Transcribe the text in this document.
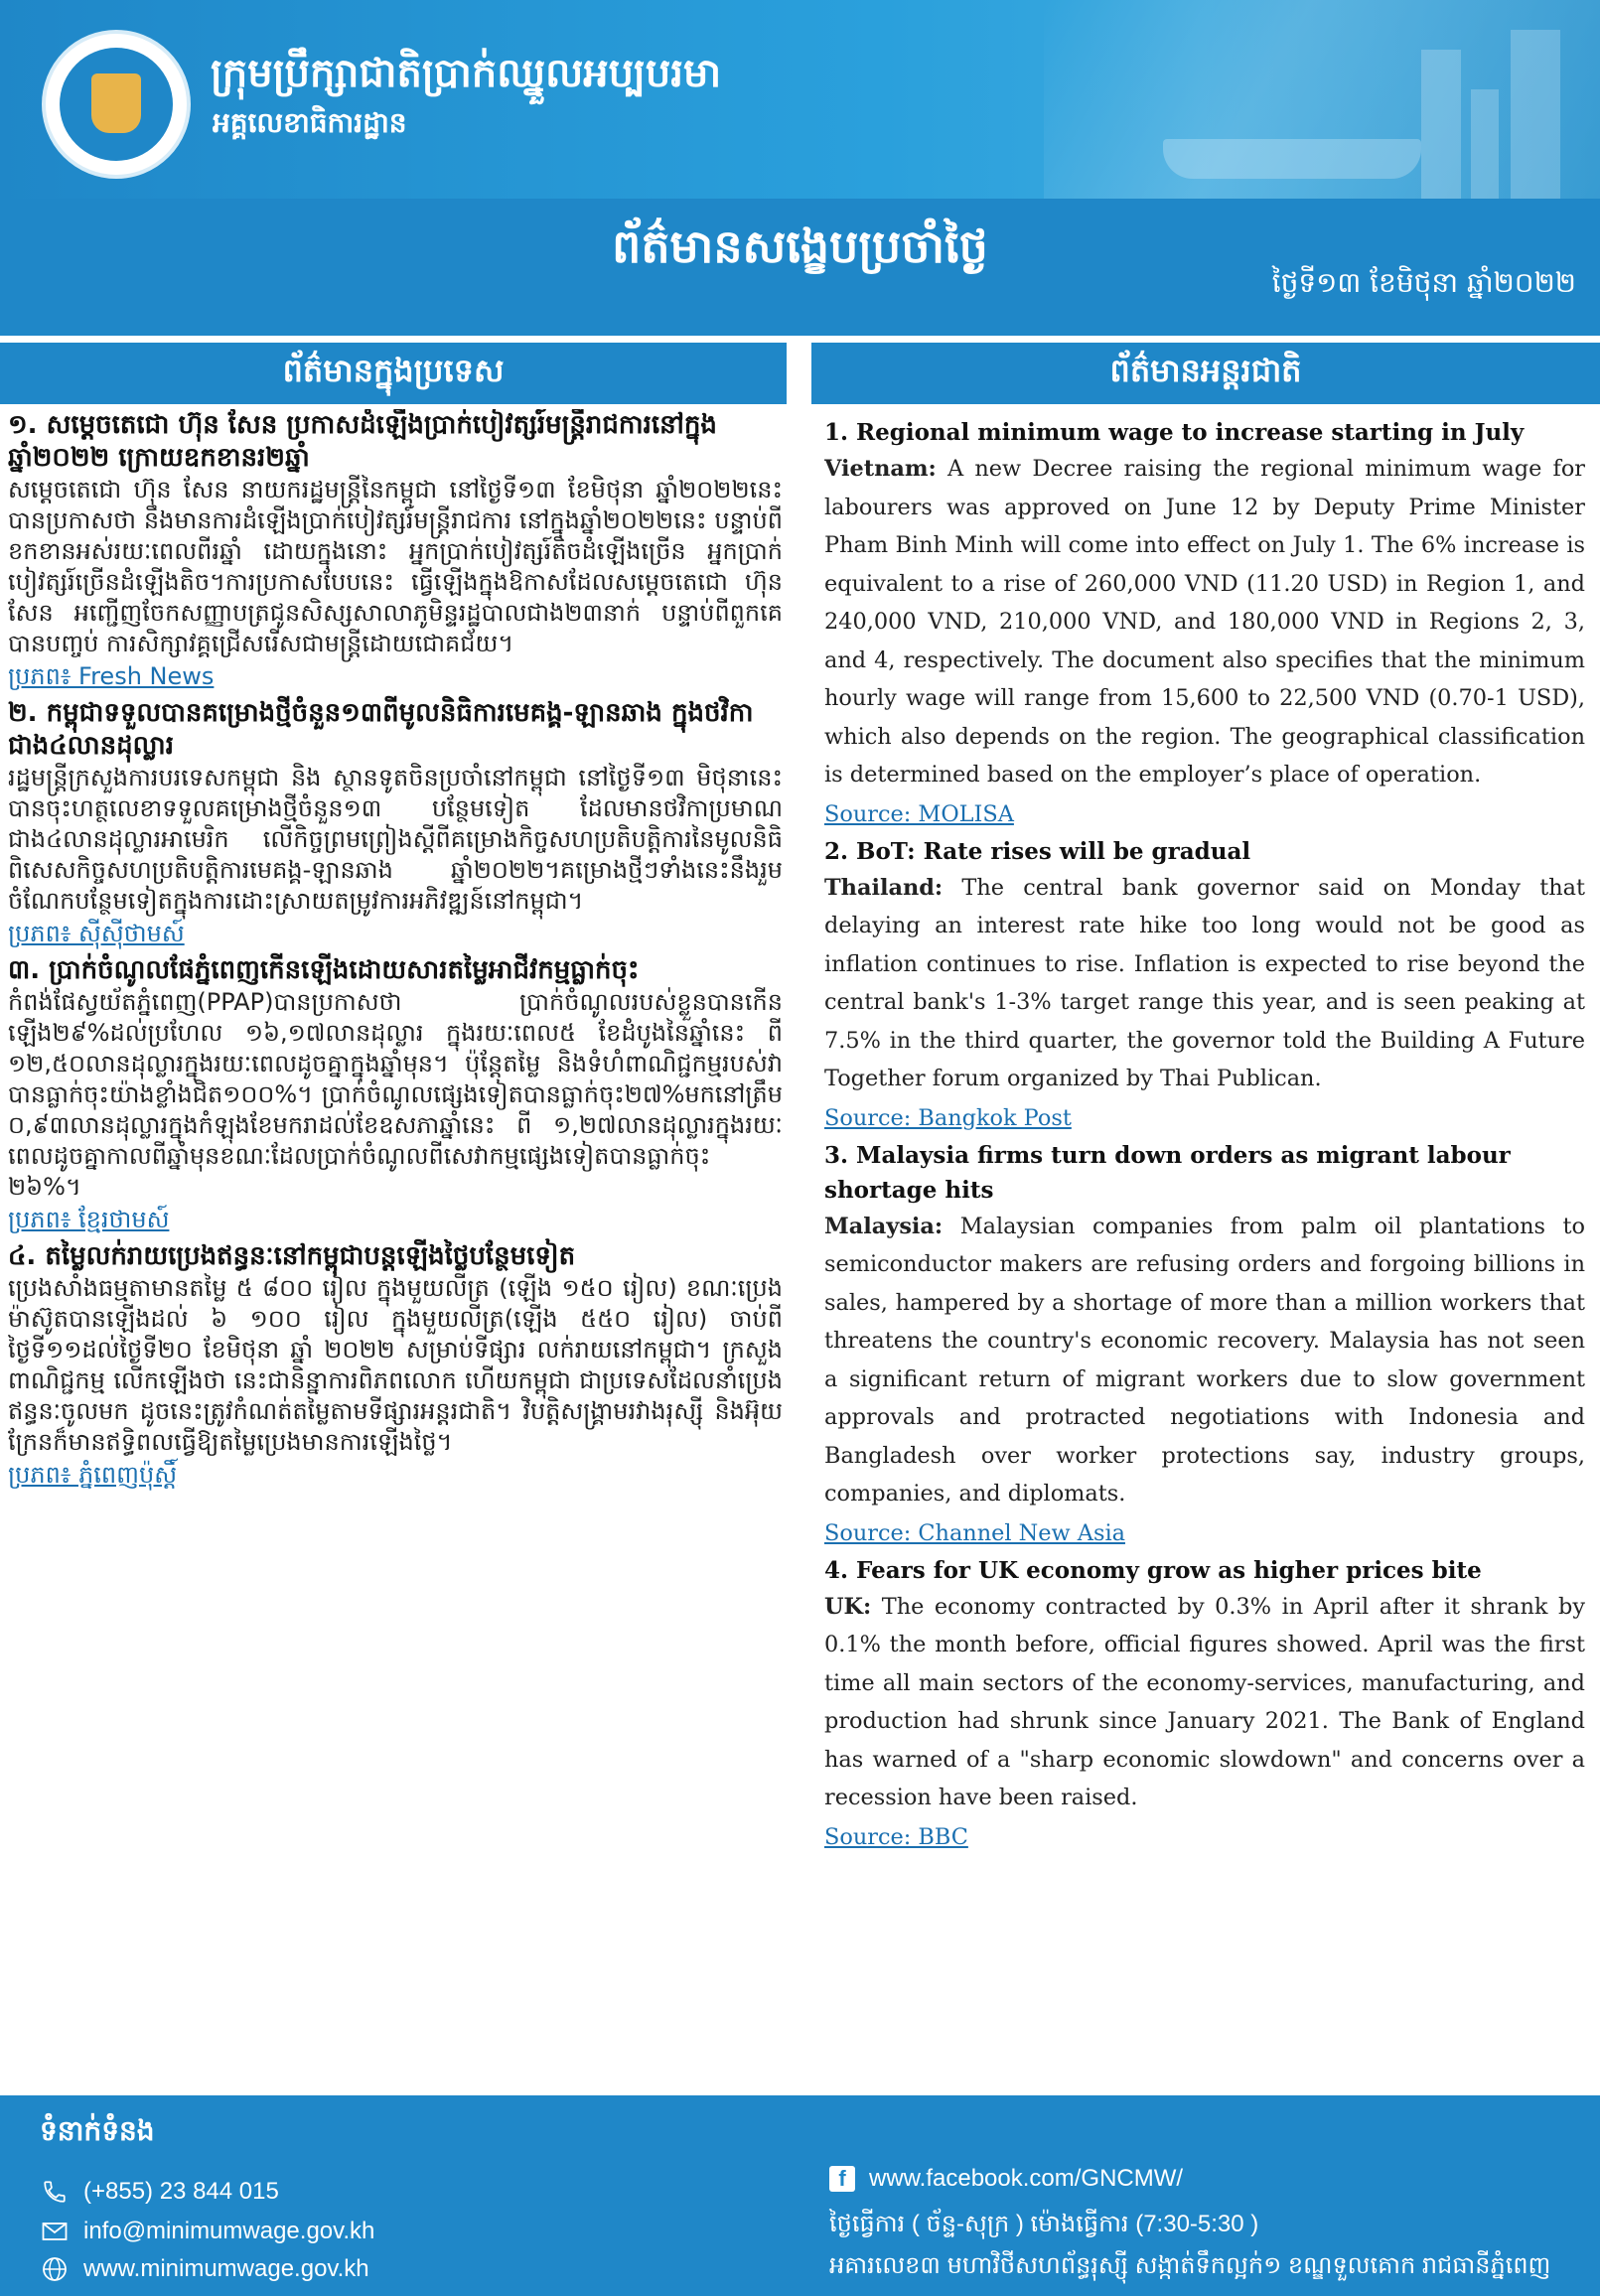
ក្រុមប្រឹក្សាជាតិប្រាក់ឈ្នួលអប្បបរមា
អគ្គលេខាធិការដ្ឋាន
ព័ត៌មានសង្ខេបប្រចាំថ្ងៃ
ថ្ងៃទី១៣ ខែមិថុនា ឆ្នាំ២០២២
ព័ត៌មានក្នុងប្រទេស	ព័ត៌មានអន្តរជាតិ

១. សម្ដេចតេជោ ហ៊ុន សែន ប្រកាសដំឡើងប្រាក់បៀវត្សរ៍មន្ត្រីរាជការនៅក្នុងឆ្នាំ២០២២ ក្រោយឧកខានរ២ឆ្នាំ

សម្ដេចតេជោ ហ៊ុន សែន នាយករដ្ឋមន្ត្រីនៃកម្ពុជា នៅថ្ងៃទី១៣ ខែមិថុនា ឆ្នាំ២០២២នេះ បានប្រកាសថា នឹងមានការដំឡើងប្រាក់បៀវត្សរ៍មន្ត្រីរាជការ នៅក្នុងឆ្នាំ២០២២នេះ បន្ទាប់ពីខកខានអស់រយៈពេលពីរឆ្នាំ ដោយក្នុងនោះ អ្នកប្រាក់បៀវត្សរ៍តិចដំឡើងច្រើន អ្នកប្រាក់បៀវត្សរ៍ច្រើនដំឡើងតិច។ការប្រកាសបែបនេះ ធ្វើឡើងក្នុងឱកាសដែលសម្ដេចតេជោ ហ៊ុន សែន អញ្ជើញចែកសញ្ញាបត្រជូនសិស្សសាលាភូមិន្ទរដ្ឋបាលជាង២៣នាក់ បន្ទាប់ពីពួកគេបានបញ្ចប់ ការសិក្សាវគ្គជ្រើសរើសជាមន្ត្រីដោយជោគជ័យ។

ប្រភព៖ Fresh News

២. កម្ពុជាទទួលបានគម្រោងថ្មីចំនួន១៣ពីមូលនិធិការមេគង្គ-ឡានឆាង ក្នុងថវិកាជាង៤លានដុល្លារ

រដ្ឋមន្ត្រីក្រសួងការបរទេសកម្ពុជា និង ស្ថានទូតចិនប្រចាំនៅកម្ពុជា នៅថ្ងៃទី១៣ មិថុនានេះ បានចុះហត្ថលេខាទទួលគម្រោងថ្មីចំនួន១៣ បន្ថែមទៀត ដែលមានថវិកាប្រមាណជាង៤លានដុល្លារអាមេរិក លើកិច្ចព្រមព្រៀងស្ដីពីគម្រោងកិច្ចសហប្រតិបត្តិការនៃមូលនិធិពិសេសកិច្ចសហប្រតិបត្តិការមេគង្គ-ឡានឆាង ឆ្នាំ២០២២។គម្រោងថ្មីៗទាំងនេះនឹងរួមចំណែកបន្ថែមទៀតក្នុងការដោះស្រាយតម្រូវការអភិវឌ្ឍន៍នៅកម្ពុជា។

ប្រភព៖ ស៊ីស៊ីថាមស៍

៣. ប្រាក់ចំណូលផែភ្នំពេញកើនឡើងដោយសារតម្លៃអាជីវកម្មធ្លាក់ចុះ

កំពង់ផែស្វយ័តភ្នំពេញ(PPAP)បានប្រកាសថា ប្រាក់ចំណូលរបស់ខ្លួនបានកើនឡើង២៩%ដល់ប្រហែល ១៦,១៧លានដុល្លារ ក្នុងរយៈពេល៥ ខែដំបូងនៃឆ្នាំនេះ ពី ១២,៥០លានដុល្លារក្នុងរយៈពេលដូចគ្នាក្នុងឆ្នាំមុន។ ប៉ុន្តែតម្លៃ និងទំហំពាណិជ្ជកម្មរបស់វាបានធ្លាក់ចុះយ៉ាងខ្លាំងជិត១០០%។ ប្រាក់ចំណូលផ្សេងទៀតបានធ្លាក់ចុះ២៧%មកនៅត្រឹម ០,៩៣លានដុល្លារក្នុងកំឡុងខែមករាដល់ខែឧសភាឆ្នាំនេះ ពី ១,២៧លានដុល្លារក្នុងរយៈពេលដូចគ្នាកាលពីឆ្នាំមុនខណៈដែលប្រាក់ចំណូលពីសេវាកម្មផ្សេងទៀតបានធ្លាក់ចុះ ២៦%។

ប្រភព៖ ខ្មែរថាមស៍

៤. តម្លៃលក់រាយប្រេងឥន្ធនៈនៅកម្ពុជាបន្តឡើងថ្លៃបន្ថែមទៀត

ប្រេងសាំងធម្មតាមានតម្លៃ ៥ ៨០០ រៀល ក្នុងមួយលីត្រ (ឡើង ១៥០ រៀល) ខណៈប្រេងម៉ាស៊ូតបានឡើងដល់ ៦ ១០០ រៀល ក្នុងមួយលីត្រ(ឡើង ៥៥០ រៀល) ចាប់ពីថ្ងៃទី១១ដល់ថ្ងៃទី២០ ខែមិថុនា ឆ្នាំ ២០២២ សម្រាប់ទីផ្សារ លក់រាយនៅកម្ពុជា។ ក្រសួងពាណិជ្ជកម្ម លើកឡើងថា នេះជានិន្នាការពិភពលោក ហើយកម្ពុជា ជាប្រទេសដែលនាំប្រេងឥន្ធនៈចូលមក ដូចនេះត្រូវកំណត់តម្លៃតាមទីផ្សារអន្តរជាតិ។ វិបត្តិសង្គ្រាមរវាងរុស្ស៊ី និងអ៊ុយក្រែនក៏មានឥទ្ធិពលធ្វើឱ្យតម្លៃប្រេងមានការឡើងថ្លៃ។

ប្រភព៖ ភ្នំពេញប៉ុស្តិ៍

1. Regional minimum wage to increase starting in July

Vietnam: A new Decree raising the regional minimum wage for labourers was approved on June 12 by Deputy Prime Minister Pham Binh Minh will come into effect on July 1. The 6% increase is equivalent to a rise of 260,000 VND (11.20 USD) in Region 1, and 240,000 VND, 210,000 VND, and 180,000 VND in Regions 2, 3, and 4, respectively. The document also specifies that the minimum hourly wage will range from 15,600 to 22,500 VND (0.70-1 USD), which also depends on the region. The geographical classification is determined based on the employer’s place of operation.

Source: MOLISA

2. BoT: Rate rises will be gradual

Thailand: The central bank governor said on Monday that delaying an interest rate hike too long would not be good as inflation continues to rise. Inflation is expected to rise beyond the central bank's 1-3% target range this year, and is seen peaking at 7.5% in the third quarter, the governor told the Building A Future Together forum organized by Thai Publican.

Source: Bangkok Post

3. Malaysia firms turn down orders as migrant labour shortage hits

Malaysia: Malaysian companies from palm oil plantations to semiconductor makers are refusing orders and forgoing billions in sales, hampered by a shortage of more than a million workers that threatens the country's economic recovery. Malaysia has not seen a significant return of migrant workers due to slow government approvals and protracted negotiations with Indonesia and Bangladesh over worker protections say, industry groups, companies, and diplomats.

Source: Channel New Asia

4. Fears for UK economy grow as higher prices bite

UK: The economy contracted by 0.3% in April after it shrank by 0.1% the month before, official figures showed. April was the first time all main sectors of the economy-services, manufacturing, and production had shrunk since January 2021. The Bank of England has warned of a "sharp economic slowdown" and concerns over a recession have been raised.

Source: BBC
ទំនាក់ទំនង
(+855) 23 844 015
info@minimumwage.gov.kh
www.minimumwage.gov.kh
f www.facebook.com/GNCMW/
ថ្ងៃធ្វើការ ( ច័ន្ទ-សុក្រ ) ម៉ោងធ្វើការ (7:30-5:30 )
អគារលេខ៣ មហាវិថីសហព័ន្ធរុស្ស៊ី សង្កាត់ទឹកល្អក់១ ខណ្ឌទួលគោក រាជធានីភ្នំពេញ
